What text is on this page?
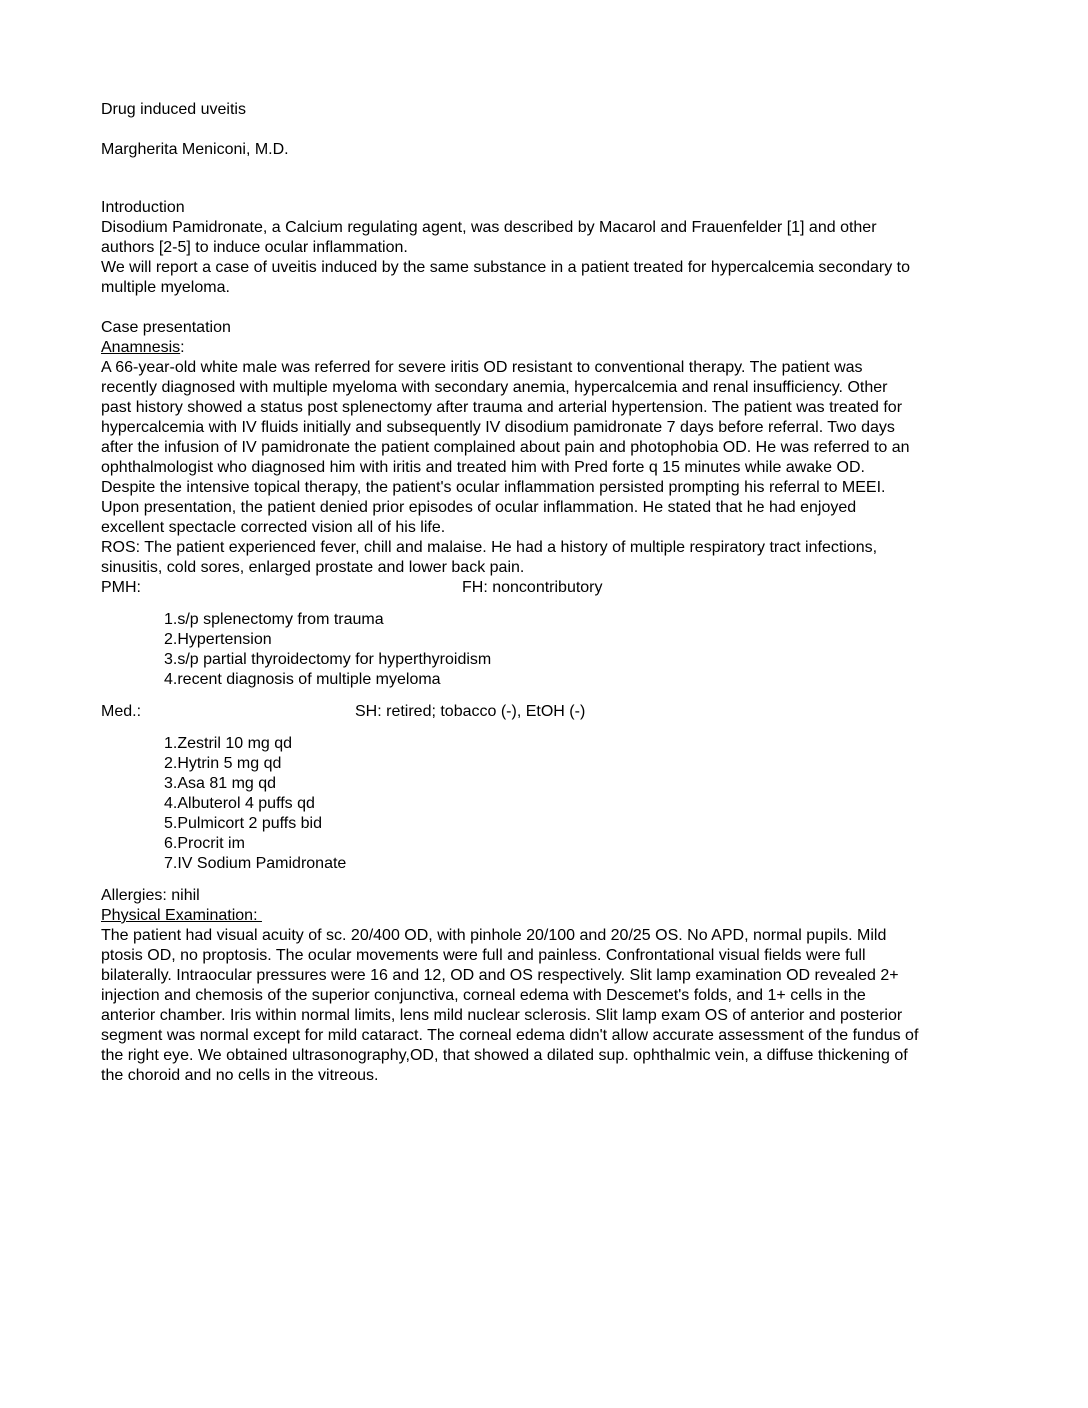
Drug induced uveitis
Margherita Meniconi, M.D.
Introduction
Disodium Pamidronate, a Calcium regulating agent, was described by Macarol and Frauenfelder [1] and other
authors [2-5] to induce ocular inflammation.
We will report a case of uveitis induced by the same substance in a patient treated for hypercalcemia secondary to
multiple myeloma.
Case presentation
Anamnesis:
A 66-year-old white male was referred for severe iritis OD resistant to conventional therapy. The patient was
recently diagnosed with multiple myeloma with secondary anemia, hypercalcemia and renal insufficiency. Other
past history showed a status post splenectomy after trauma and arterial hypertension. The patient was treated for
hypercalcemia with IV fluids initially and subsequently IV disodium pamidronate 7 days before referral. Two days
after the infusion of IV pamidronate the patient complained about pain and photophobia OD. He was referred to an
ophthalmologist who diagnosed him with iritis and treated him with Pred forte q 15 minutes while awake OD.
Despite the intensive topical therapy, the patient's ocular inflammation persisted prompting his referral to MEEI.
Upon presentation, the patient denied prior episodes of ocular inflammation. He stated that he had enjoyed
excellent spectacle corrected vision all of his life.
ROS: The patient experienced fever, chill and malaise. He had a history of multiple respiratory tract infections,
sinusitis, cold sores, enlarged prostate and lower back pain.
PMH:	FH: noncontributory
1.s/p splenectomy from trauma
2.Hypertension
3.s/p partial thyroidectomy for hyperthyroidism
4.recent diagnosis of multiple myeloma
Med.:	SH: retired; tobacco (-), EtOH (-)
1.Zestril 10 mg qd
2.Hytrin 5 mg qd
3.Asa 81 mg qd
4.Albuterol 4 puffs qd
5.Pulmicort 2 puffs bid
6.Procrit im
7.IV Sodium Pamidronate
Allergies: nihil
Physical Examination:
The patient had visual acuity of sc. 20/400 OD, with pinhole 20/100 and 20/25 OS. No APD, normal pupils. Mild
ptosis OD, no proptosis. The ocular movements were full and painless. Confrontational visual fields were full
bilaterally. Intraocular pressures were 16 and 12, OD and OS respectively. Slit lamp examination OD revealed 2+
injection and chemosis of the superior conjunctiva, corneal edema with Descemet's folds, and 1+ cells in the
anterior chamber. Iris within normal limits, lens mild nuclear sclerosis. Slit lamp exam OS of anterior and posterior
segment was normal except for mild cataract. The corneal edema didn't allow accurate assessment of the fundus of
the right eye. We obtained ultrasonography,OD, that showed a dilated sup. ophthalmic vein, a diffuse thickening of
the choroid and no cells in the vitreous.
